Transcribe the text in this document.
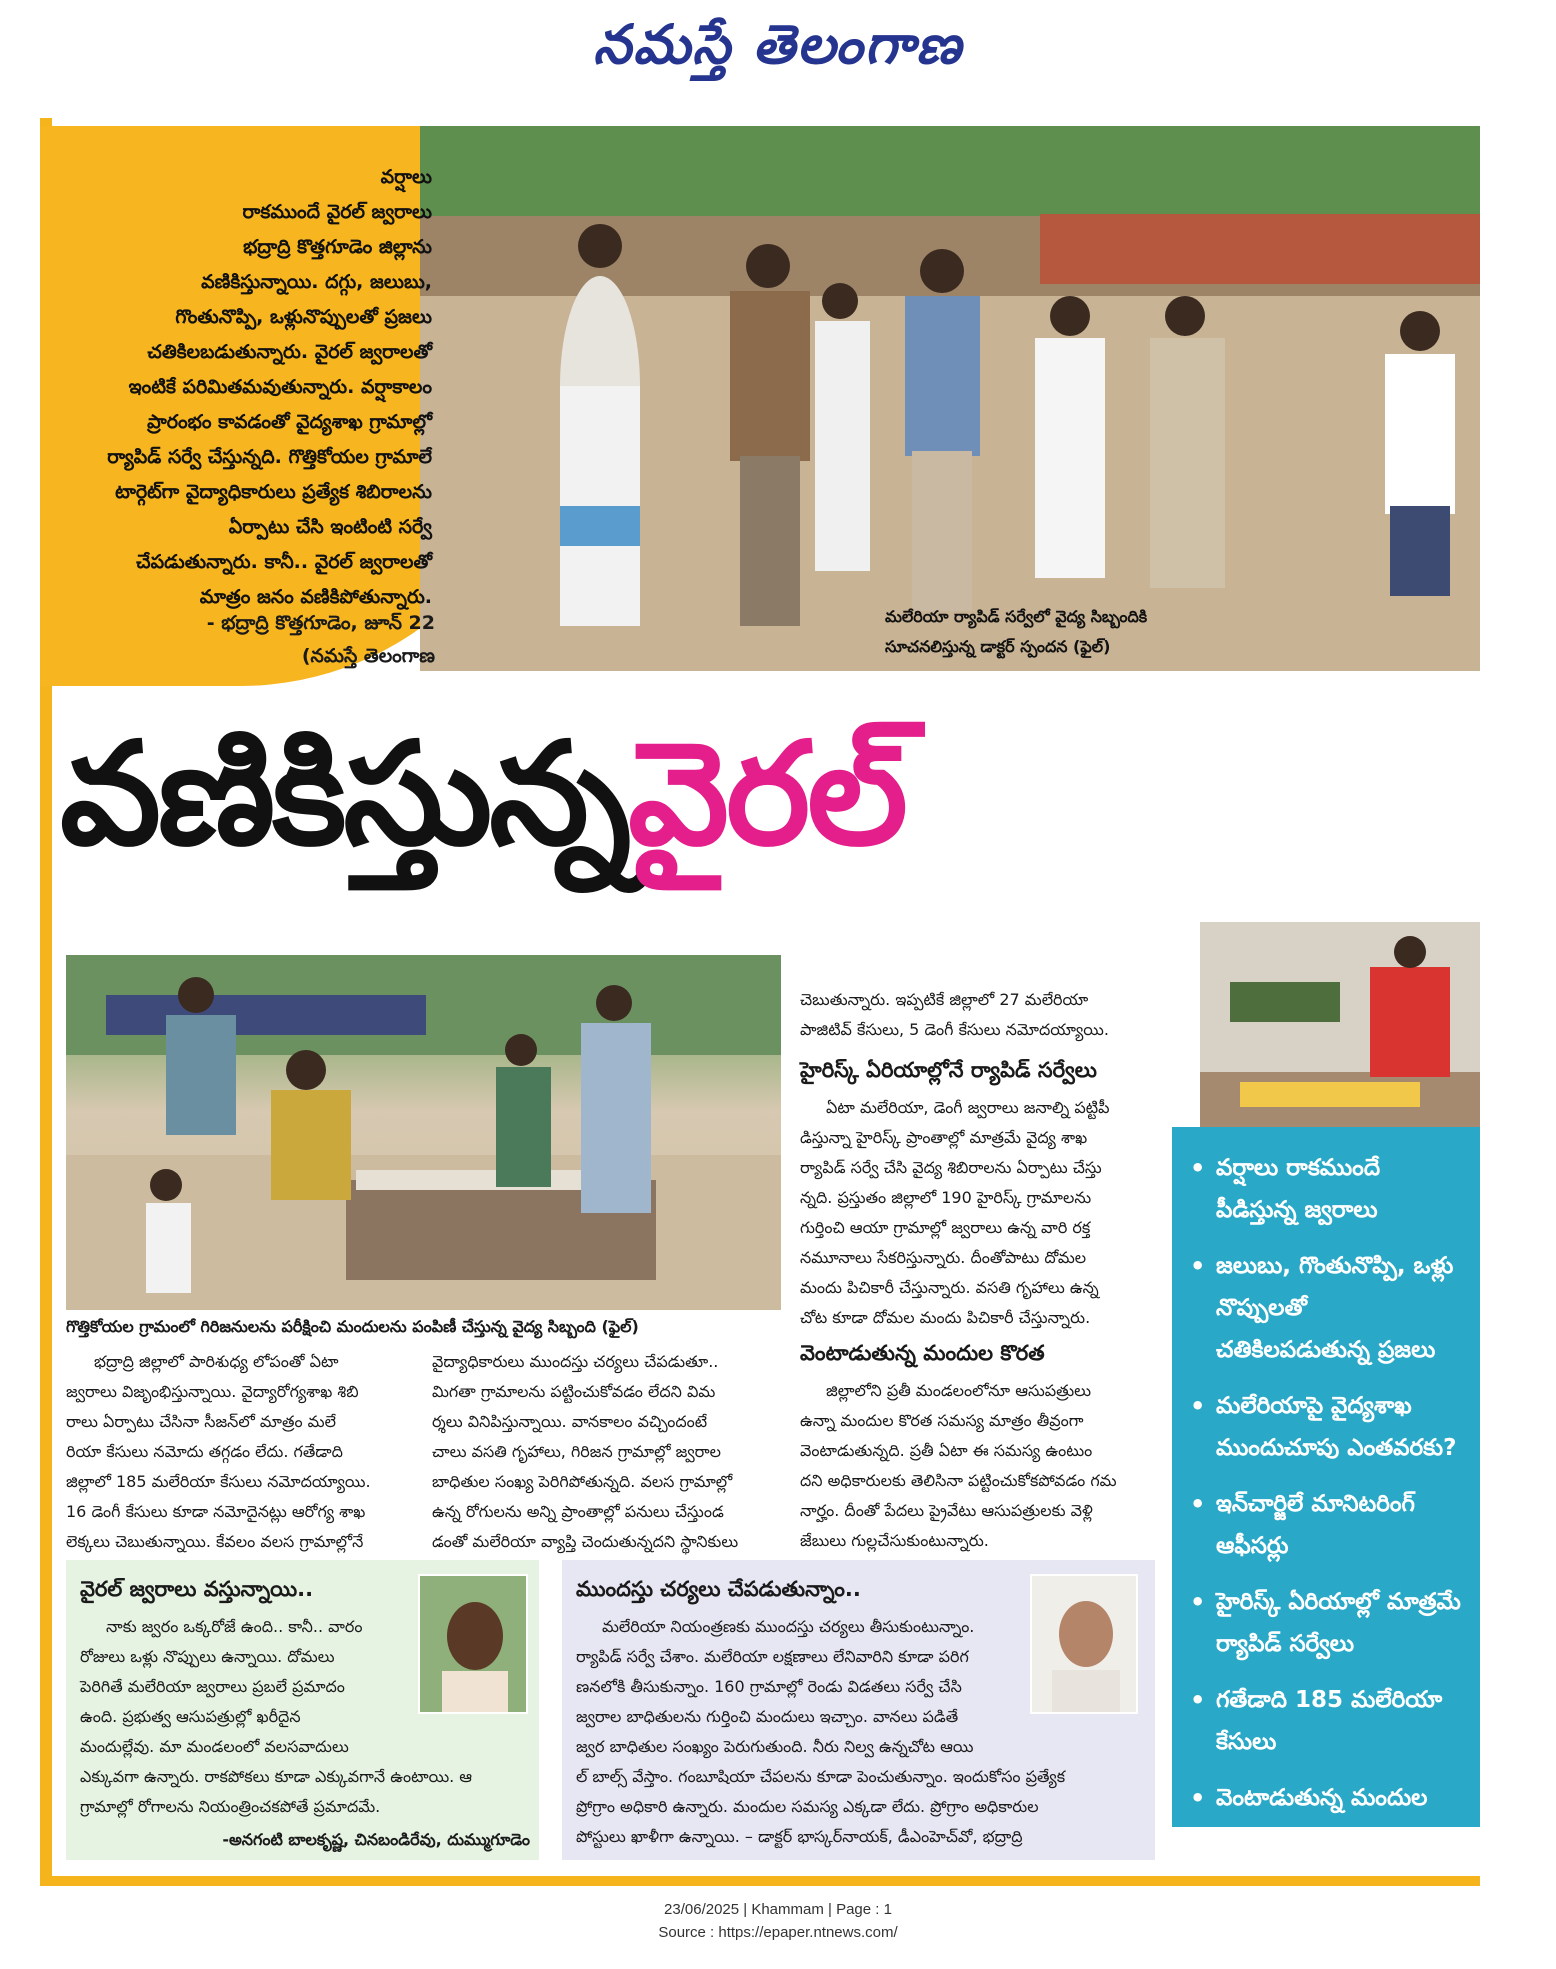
నమస్తే తెలంగాణ
వర్షాలు
రాకముందే వైరల్ జ్వరాలు
భద్రాద్రి కొత్తగూడెం జిల్లాను
వణికిస్తున్నాయి. దగ్గు, జలుబు,
గొంతునొప్పి, ఒళ్లునొప్పులతో ప్రజలు
చతికిలబడుతున్నారు. వైరల్ జ్వరాలతో
ఇంటికే పరిమితమవుతున్నారు. వర్షాకాలం
ప్రారంభం కావడంతో వైద్యశాఖ గ్రామాల్లో
ర్యాపిడ్ సర్వే చేస్తున్నది. గొత్తికోయల గ్రామాలే
టార్గెట్‌గా వైద్యాధికారులు ప్రత్యేక శిబిరాలను
ఏర్పాటు చేసి ఇంటింటి సర్వే
చేపడుతున్నారు. కానీ.. వైరల్ జ్వరాలతో
మాత్రం జనం వణికిపోతున్నారు.
- భద్రాద్రి కొత్తగూడెం, జూన్ 22
(నమస్తే తెలంగాణ
మలేరియా ర్యాపిడ్ సర్వేలో వైద్య సిబ్బందికి
సూచనలిస్తున్న డాక్టర్ స్పందన (ఫైల్)
వణికిస్తున్నవైరల్
గొత్తికోయల గ్రామంలో గిరిజనులను పరీక్షించి మందులను పంపిణీ చేస్తున్న వైద్య సిబ్బంది (ఫైల్)
భద్రాద్రి జిల్లాలో పారిశుధ్య లోపంతో ఏటా
జ్వరాలు విజృంభిస్తున్నాయి. వైద్యారోగ్యశాఖ శిబి
రాలు ఏర్పాటు చేసినా సీజన్‌లో మాత్రం మలే
రియా కేసులు నమోదు తగ్గడం లేదు. గతేడాది
జిల్లాలో 185 మలేరియా కేసులు నమోదయ్యాయి.
16 డెంగీ కేసులు కూడా నమోదైనట్లు ఆరోగ్య శాఖ
లెక్కలు చెబుతున్నాయి. కేవలం వలస గ్రామాల్లోనే
వైద్యాధికారులు ముందస్తు చర్యలు చేపడుతూ..
మిగతా గ్రామాలను పట్టించుకోవడం లేదని విమ
ర్శలు వినిపిస్తున్నాయి. వానకాలం వచ్చిందంటే
చాలు వసతి గృహాలు, గిరిజన గ్రామాల్లో జ్వరాల
బాధితుల సంఖ్య పెరిగిపోతున్నది. వలస గ్రామాల్లో
ఉన్న రోగులను అన్ని ప్రాంతాల్లో పనులు చేస్తుండ
డంతో మలేరియా వ్యాప్తి చెందుతున్నదని స్థానికులు
చెబుతున్నారు. ఇప్పటికే జిల్లాలో 27 మలేరియా
పాజిటివ్ కేసులు, 5 డెంగీ కేసులు నమోదయ్యాయి.
హైరిస్క్ ఏరియాల్లోనే ర్యాపిడ్ సర్వేలు
ఏటా మలేరియా, డెంగీ జ్వరాలు జనాల్ని పట్టిపీ
డిస్తున్నా హైరిస్క్ ప్రాంతాల్లో మాత్రమే వైద్య శాఖ
ర్యాపిడ్ సర్వే చేసి వైద్య శిబిరాలను ఏర్పాటు చేస్తు
న్నది. ప్రస్తుతం జిల్లాలో 190 హైరిస్క్ గ్రామాలను
గుర్తించి ఆయా గ్రామాల్లో జ్వరాలు ఉన్న వారి రక్త
నమూనాలు సేకరిస్తున్నారు. దీంతోపాటు దోమల
మందు పిచికారీ చేస్తున్నారు. వసతి గృహాలు ఉన్న
చోట కూడా దోమల మందు పిచికారీ చేస్తున్నారు.
వెంటాడుతున్న మందుల కొరత
జిల్లాలోని ప్రతీ మండలంలోనూ ఆసుపత్రులు
ఉన్నా మందుల కొరత సమస్య మాత్రం తీవ్రంగా
వెంటాడుతున్నది. ప్రతీ ఏటా ఈ సమస్య ఉంటుం
దని అధికారులకు తెలిసినా పట్టించుకోకపోవడం గమ
నార్హం. దీంతో పేదలు ప్రైవేటు ఆసుపత్రులకు వెళ్లి
జేబులు గుల్లచేసుకుంటున్నారు.
• వర్షాలు రాకముందే పీడిస్తున్న జ్వరాలు
• జలుబు, గొంతునొప్పి, ఒళ్లు నొప్పులతో చతికిలపడుతున్న ప్రజలు
• మలేరియాపై వైద్యశాఖ ముందుచూపు ఎంతవరకు?
• ఇన్‌చార్జిలే మానిటరింగ్ ఆఫీసర్లు
• హైరిస్క్ ఏరియాల్లో మాత్రమే ర్యాపిడ్ సర్వేలు
• గతేడాది 185 మలేరియా కేసులు
• వెంటాడుతున్న మందుల కొరత సమస్య
వైరల్ జ్వరాలు వస్తున్నాయి..
నాకు జ్వరం ఒక్కరోజే ఉంది.. కానీ.. వారం
రోజులు ఒళ్లు నొప్పులు ఉన్నాయి. దోమలు
పెరిగితే మలేరియా జ్వరాలు ప్రబలే ప్రమాదం
ఉంది. ప్రభుత్వ ఆసుపత్రుల్లో ఖరీదైన
మందుల్లేవు. మా మండలంలో వలసవాదులు
ఎక్కువగా ఉన్నారు. రాకపోకలు కూడా ఎక్కువగానే ఉంటాయి. ఆ
గ్రామాల్లో రోగాలను నియంత్రించకపోతే ప్రమాదమే.
-అనగంటి బాలకృష్ణ, చినబండిరేవు, దుమ్ముగూడెం
ముందస్తు చర్యలు చేపడుతున్నాం..
మలేరియా నియంత్రణకు ముందస్తు చర్యలు తీసుకుంటున్నాం.
ర్యాపిడ్ సర్వే చేశాం. మలేరియా లక్షణాలు లేనివారిని కూడా పరిగ
ణనలోకి తీసుకున్నాం. 160 గ్రామాల్లో రెండు విడతలు సర్వే చేసి
జ్వరాల బాధితులను గుర్తించి మందులు ఇచ్చాం. వానలు పడితే
జ్వర బాధితుల సంఖ్యం పెరుగుతుంది. నీరు నిల్వ ఉన్నచోట ఆయి
ల్ బాల్స్ వేస్తాం. గంబూషియా చేపలను కూడా పెంచుతున్నాం. ఇందుకోసం ప్రత్యేక
ప్రోగ్రాం అధికారి ఉన్నారు. మందుల సమస్య ఎక్కడా లేదు. ప్రోగ్రాం అధికారుల
పోస్టులు ఖాళీగా ఉన్నాయి. – డాక్టర్ భాస్కర్‌నాయక్, డీఎంహెచ్‌వో, భద్రాద్రి
23/06/2025 | Khammam | Page : 1
Source : https://epaper.ntnews.com/
